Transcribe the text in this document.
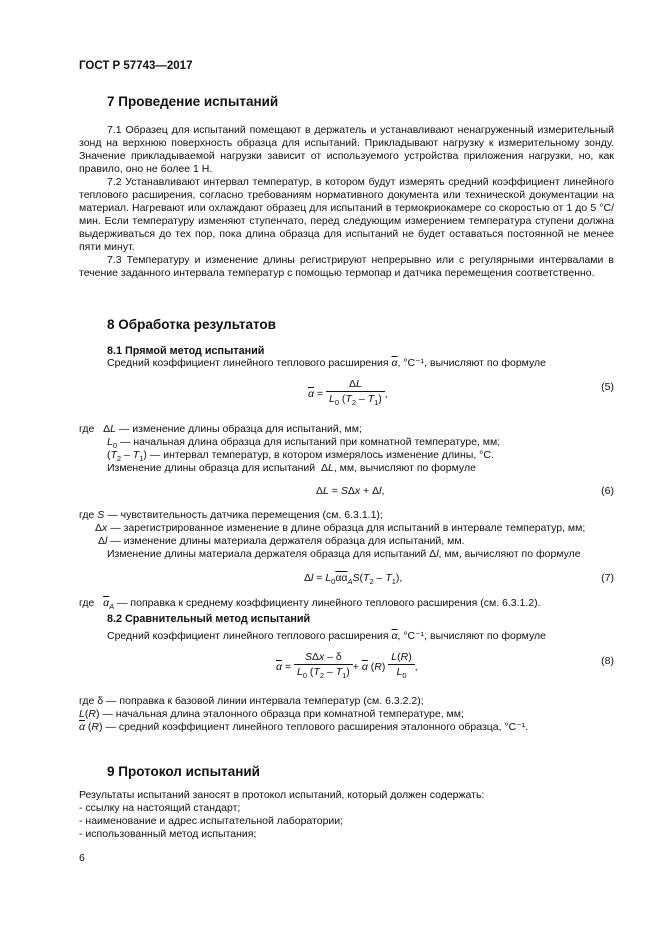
ГОСТ Р 57743—2017
7 Проведение испытаний

7.1 Образец для испытаний помещают в держатель и устанавливают ненагруженный измерительный зонд на верхнюю поверхность образца для испытаний. Прикладывают нагрузку к измерительному зонду. Значение прикладываемой нагрузки зависит от используемого устройства приложения нагрузки, но, как правило, оно не более 1 Н.

7.2 Устанавливают интервал температур, в котором будут измерять средний коэффициент линейного теплового расширения, согласно требованиям нормативного документа или технической документации на материал. Нагревают или охлаждают образец для испытаний в термокриокамере со скоростью от 1 до 5 °С/мин. Если температуру изменяют ступенчато, перед следующим измерением температура ступени должна выдерживаться до тех пор, пока длина образца для испытаний не будет оставаться постоянной не менее пяти минут.

7.3 Температуру и изменение длины регистрируют непрерывно или с регулярными интервалами в течение заданного интервала температур с помощью термопар и датчика перемещения соответственно.

8 Обработка результатов
8.1 Прямой метод испытаний
Средний коэффициент линейного теплового расширения $\overline{\alpha}$, °С⁻¹, вычисляют по формуле
$\overline{\alpha} = \frac{\Delta L}{L_0 (T_2 - T_1)}$ ,
(5)
где   ΔL — изменение длины образца для испытаний, мм;
$L_0$ — начальная длина образца для испытаний при комнатной температуре, мм;
$(T_2 - T_1)$ — интервал температур, в котором измерялось изменение длины, °С.
Изменение длины образца для испытаний  ΔL, мм, вычисляют по формуле
ΔL = SΔx + Δl,	(6)
где S — чувствительность датчика перемещения (см. 6.3.1.1);
Δx — зарегистрированное изменение в длине образца для испытаний в интервале температур, мм;
Δl — изменение длины материала держателя образца для испытаний, мм.
Изменение длины материала держателя образца для испытаний Δl, мм, вычисляют по формуле
$\Delta l = L_0\overline{\alpha}\overline{\alpha}_AS(T_2 - T_1)$,	(7)
где   $\overline{\alpha}_A$ — поправка к среднему коэффициенту линейного теплового расширения (см. 6.3.1.2).
8.2 Сравнительный метод испытаний
Средний коэффициент линейного теплового расширения $\overline{\alpha}$, °С⁻¹, вычисляют по формуле
$\overline{\alpha} = \frac{\text{SΔx – δ}}{L_0 (T_2 - T_1)} + \overline{\alpha}$ $(R) \frac{L(R)}{L_0}$ ,	(8)
где δ — поправка к базовой линии интервала температур (см. 6.3.2.2);
L(R) — начальная длина эталонного образца при комнатной температуре, мм;
$\overline{\alpha}$ (R) — средний коэффициент линейного теплового расширения эталонного образца, °С⁻¹.
9 Протокол испытаний
Результаты испытаний заносят в протокол испытаний, который должен содержать:
- ссылку на настоящий стандарт;
- наименование и адрес испытательной лаборатории;
- использованный метод испытания;
6
